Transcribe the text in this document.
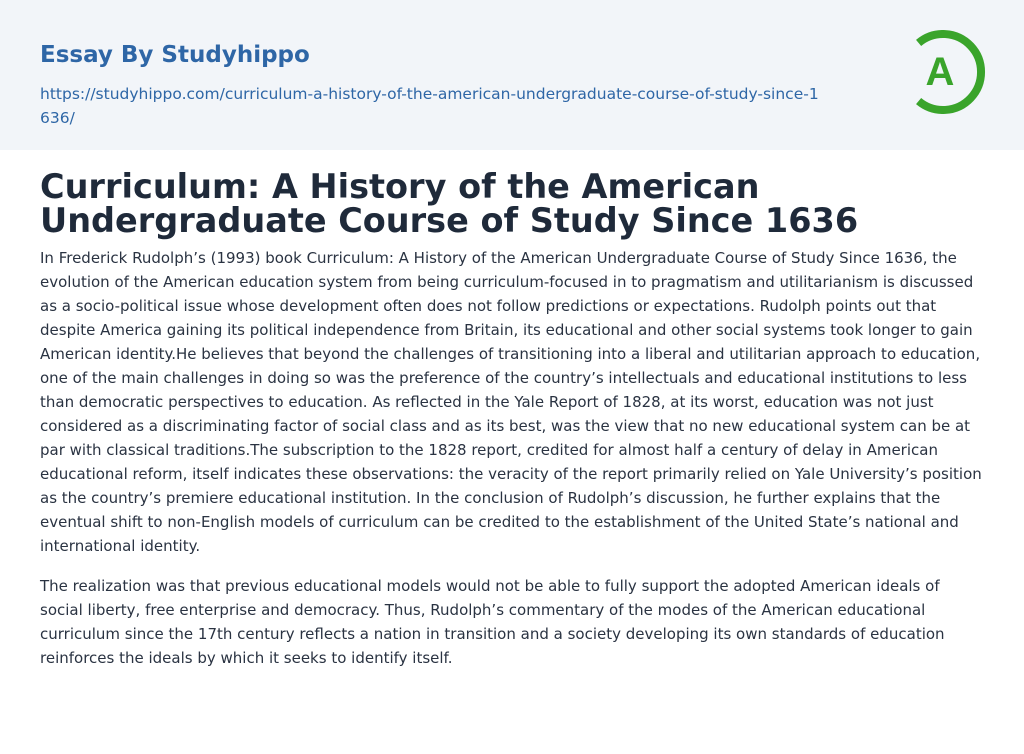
Essay By Studyhippo
https://studyhippo.com/curriculum-a-history-of-the-american-undergraduate-course-of-study-since-1636/
A
Curriculum: A History of the American Undergraduate Course of Study Since 1636

In Frederick Rudolph’s (1993) book Curriculum: A History of the American Undergraduate Course of Study Since 1636, the evolution of the American education system from being curriculum-focused in to pragmatism and utilitarianism is discussed as a socio-political issue whose development often does not follow predictions or expectations. Rudolph points out that despite America gaining its political independence from Britain, its educational and other social systems took longer to gain American identity.He believes that beyond the challenges of transitioning into a liberal and utilitarian approach to education, one of the main challenges in doing so was the preference of the country’s intellectuals and educational institutions to less than democratic perspectives to education. As reflected in the Yale Report of 1828, at its worst, education was not just considered as a discriminating factor of social class and as its best, was the view that no new educational system can be at par with classical traditions.The subscription to the 1828 report, credited for almost half a century of delay in American educational reform, itself indicates these observations: the veracity of the report primarily relied on Yale University’s position as the country’s premiere educational institution. In the conclusion of Rudolph’s discussion, he further explains that the eventual shift to non-English models of curriculum can be credited to the establishment of the United State’s national and international identity.

The realization was that previous educational models would not be able to fully support the adopted American ideals of social liberty, free enterprise and democracy. Thus, Rudolph’s commentary of the modes of the American educational curriculum since the 17th century reflects a nation in transition and a society developing its own standards of education reinforces the ideals by which it seeks to identify itself.
